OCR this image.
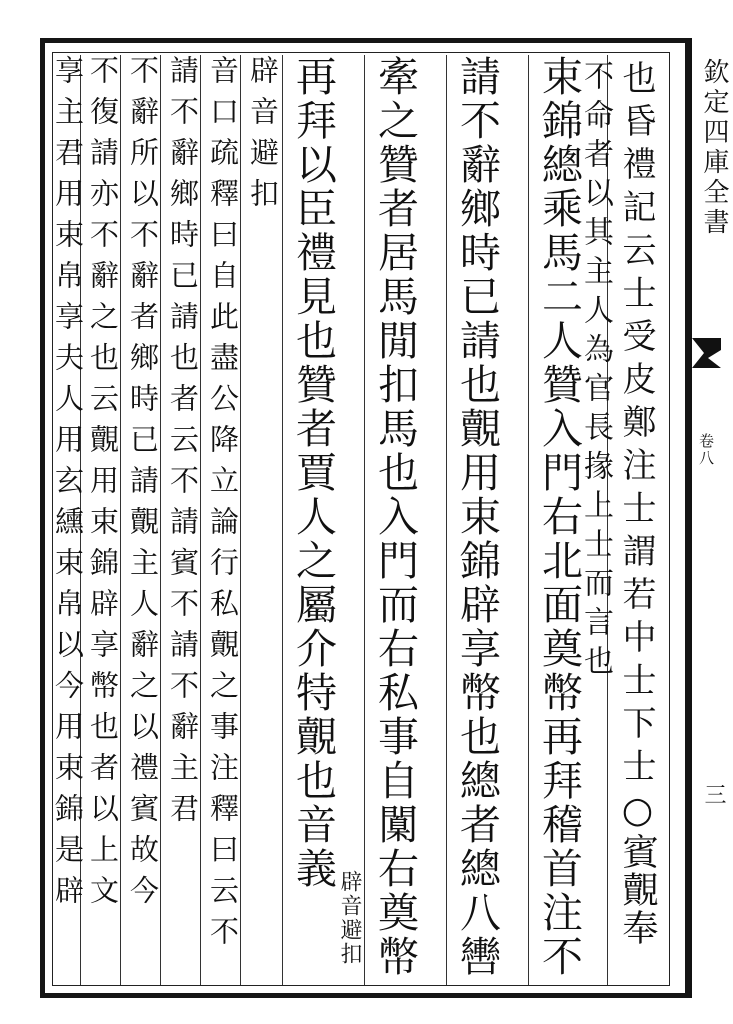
也昏禮記云士受皮鄭注士謂若中士下士
不命者以其主人為官長掾上士而言也
束錦總乘馬二人贊入門右北面奠幣再拜稽首注不 ○賓覿奉
請不辭鄉時已請也覿用束錦辟享幣也總者總八轡
牽之贊者居馬閒扣馬也入門而右私事自闑右奠幣
再拜以臣禮見也贊者賈人之屬介特覿也音義
辟音避扣
辟音避扣
音口疏釋曰自此盡公降立論行私覿之事注釋曰云不
請不辭鄉時已請也者云不請賓不請不辭主君
不辭所以不辭者鄉時已請覿主人辭之以禮賓故今
不復請亦不辭之也云覿用束錦辟享幣也者以上文
享主君用束帛享夫人用玄纁束帛以今用束錦是辟	欽定四庫全書
卷八
三
